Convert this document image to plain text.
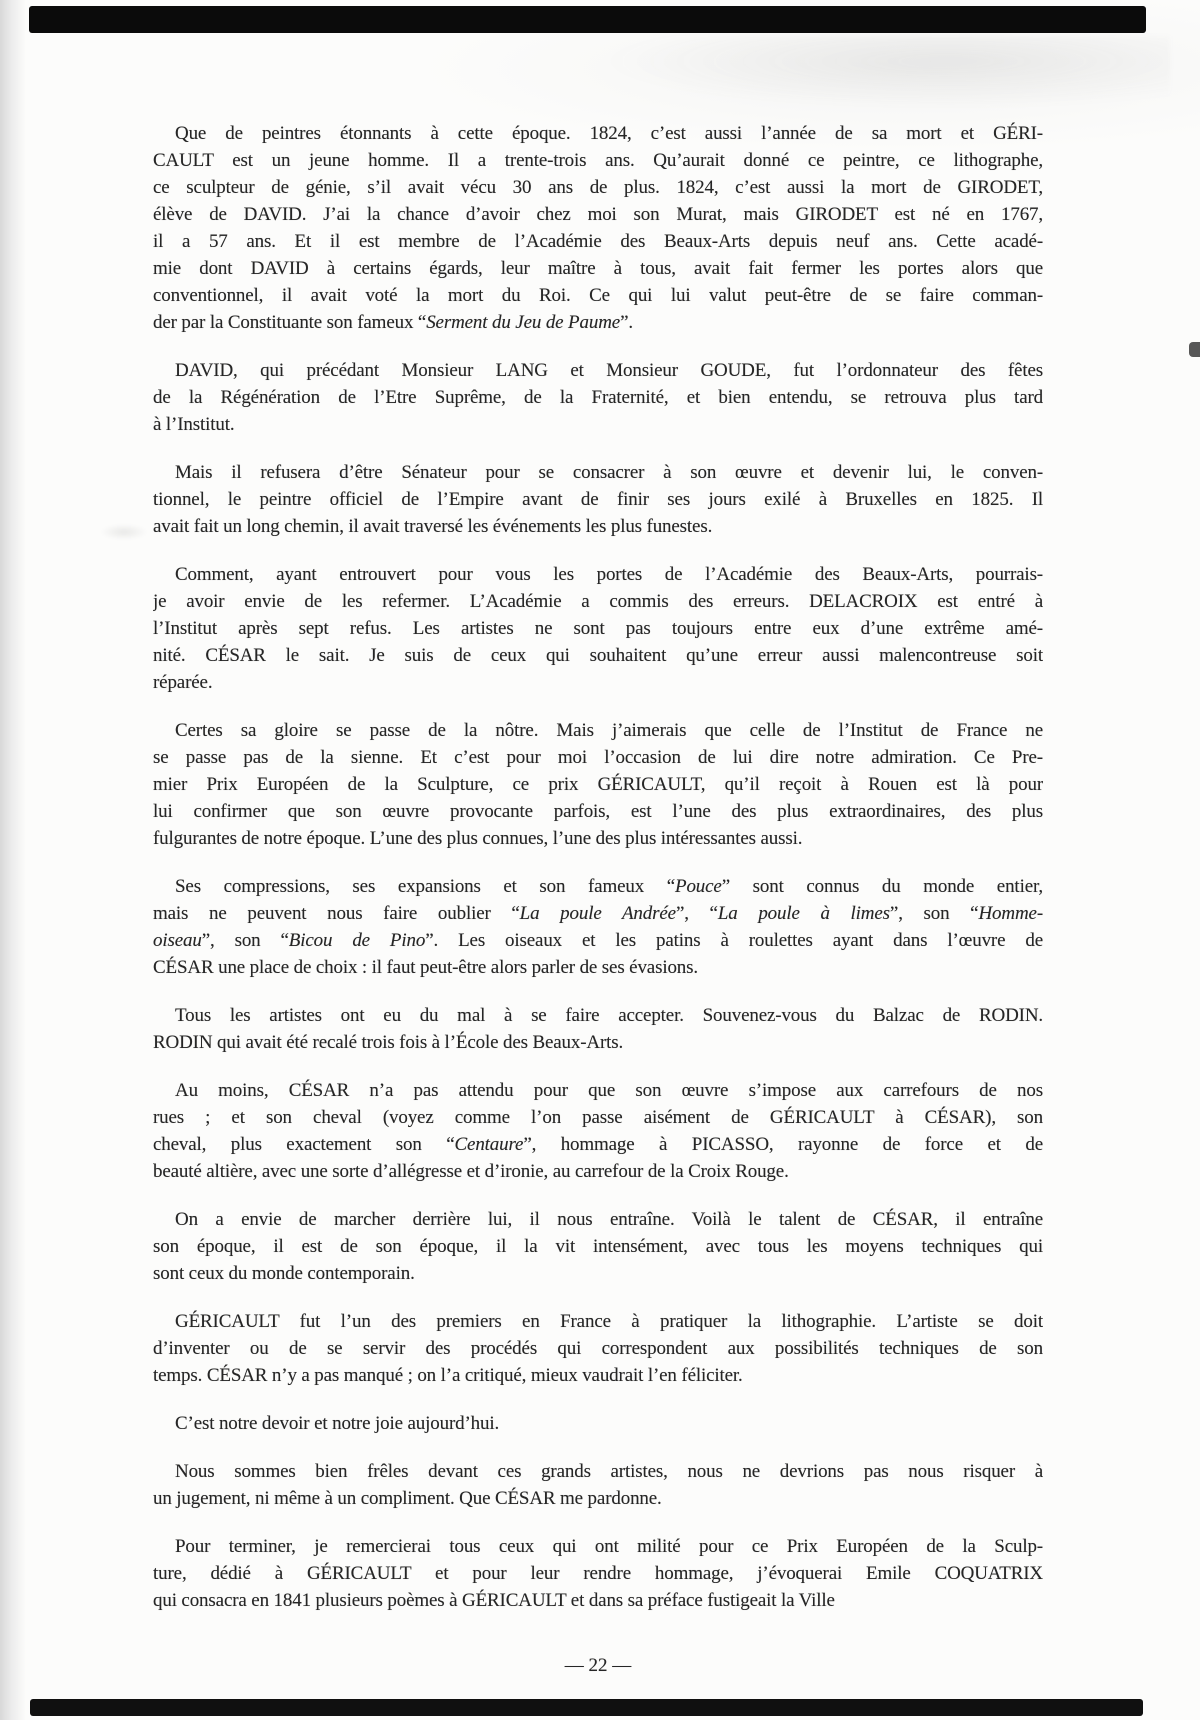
Que de peintres étonnants à cette époque. 1824, c’est aussi l’année de sa mort et GÉRI-
CAULT est un jeune homme. Il a trente-trois ans. Qu’aurait donné ce peintre, ce lithographe,
ce sculpteur de génie, s’il avait vécu 30 ans de plus. 1824, c’est aussi la mort de GIRODET,
élève de DAVID. J’ai la chance d’avoir chez moi son Murat, mais GIRODET est né en 1767,
il a 57 ans. Et il est membre de l’Académie des Beaux-Arts depuis neuf ans. Cette acadé-
mie dont DAVID à certains égards, leur maître à tous, avait fait fermer les portes alors que
conventionnel, il avait voté la mort du Roi. Ce qui lui valut peut-être de se faire comman-
der par la Constituante son fameux “Serment du Jeu de Paume”.

DAVID, qui précédant Monsieur LANG et Monsieur GOUDE, fut l’ordonnateur des fêtes
de la Régénération de l’Etre Suprême, de la Fraternité, et bien entendu, se retrouva plus tard
à l’Institut.

Mais il refusera d’être Sénateur pour se consacrer à son œuvre et devenir lui, le conven-
tionnel, le peintre officiel de l’Empire avant de finir ses jours exilé à Bruxelles en 1825. Il
avait fait un long chemin, il avait traversé les événements les plus funestes.

Comment, ayant entrouvert pour vous les portes de l’Académie des Beaux-Arts, pourrais-
je avoir envie de les refermer. L’Académie a commis des erreurs. DELACROIX est entré à
l’Institut après sept refus. Les artistes ne sont pas toujours entre eux d’une extrême amé-
nité. CÉSAR le sait. Je suis de ceux qui souhaitent qu’une erreur aussi malencontreuse soit
réparée.

Certes sa gloire se passe de la nôtre. Mais j’aimerais que celle de l’Institut de France ne
se passe pas de la sienne. Et c’est pour moi l’occasion de lui dire notre admiration. Ce Pre-
mier Prix Européen de la Sculpture, ce prix GÉRICAULT, qu’il reçoit à Rouen est là pour
lui confirmer que son œuvre provocante parfois, est l’une des plus extraordinaires, des plus
fulgurantes de notre époque. L’une des plus connues, l’une des plus intéressantes aussi.

Ses compressions, ses expansions et son fameux “Pouce” sont connus du monde entier,
mais ne peuvent nous faire oublier “La poule Andrée”, “La poule à limes”, son “Homme-
oiseau”, son “Bicou de Pino”. Les oiseaux et les patins à roulettes ayant dans l’œuvre de
CÉSAR une place de choix : il faut peut-être alors parler de ses évasions.

Tous les artistes ont eu du mal à se faire accepter. Souvenez-vous du Balzac de RODIN.
RODIN qui avait été recalé trois fois à l’École des Beaux-Arts.

Au moins, CÉSAR n’a pas attendu pour que son œuvre s’impose aux carrefours de nos
rues ; et son cheval (voyez comme l’on passe aisément de GÉRICAULT à CÉSAR), son
cheval, plus exactement son “Centaure”, hommage à PICASSO, rayonne de force et de
beauté altière, avec une sorte d’allégresse et d’ironie, au carrefour de la Croix Rouge.

On a envie de marcher derrière lui, il nous entraîne. Voilà le talent de CÉSAR, il entraîne
son époque, il est de son époque, il la vit intensément, avec tous les moyens techniques qui
sont ceux du monde contemporain.

GÉRICAULT fut l’un des premiers en France à pratiquer la lithographie. L’artiste se doit
d’inventer ou de se servir des procédés qui correspondent aux possibilités techniques de son
temps. CÉSAR n’y a pas manqué ; on l’a critiqué, mieux vaudrait l’en féliciter.

C’est notre devoir et notre joie aujourd’hui.

Nous sommes bien frêles devant ces grands artistes, nous ne devrions pas nous risquer à
un jugement, ni même à un compliment. Que CÉSAR me pardonne.

Pour terminer, je remercierai tous ceux qui ont milité pour ce Prix Européen de la Sculp-
ture, dédié à GÉRICAULT et pour leur rendre hommage, j’évoquerai Emile COQUATRIX
qui consacra en 1841 plusieurs poèmes à GÉRICAULT et dans sa préface fustigeait la Ville

— 22 —
